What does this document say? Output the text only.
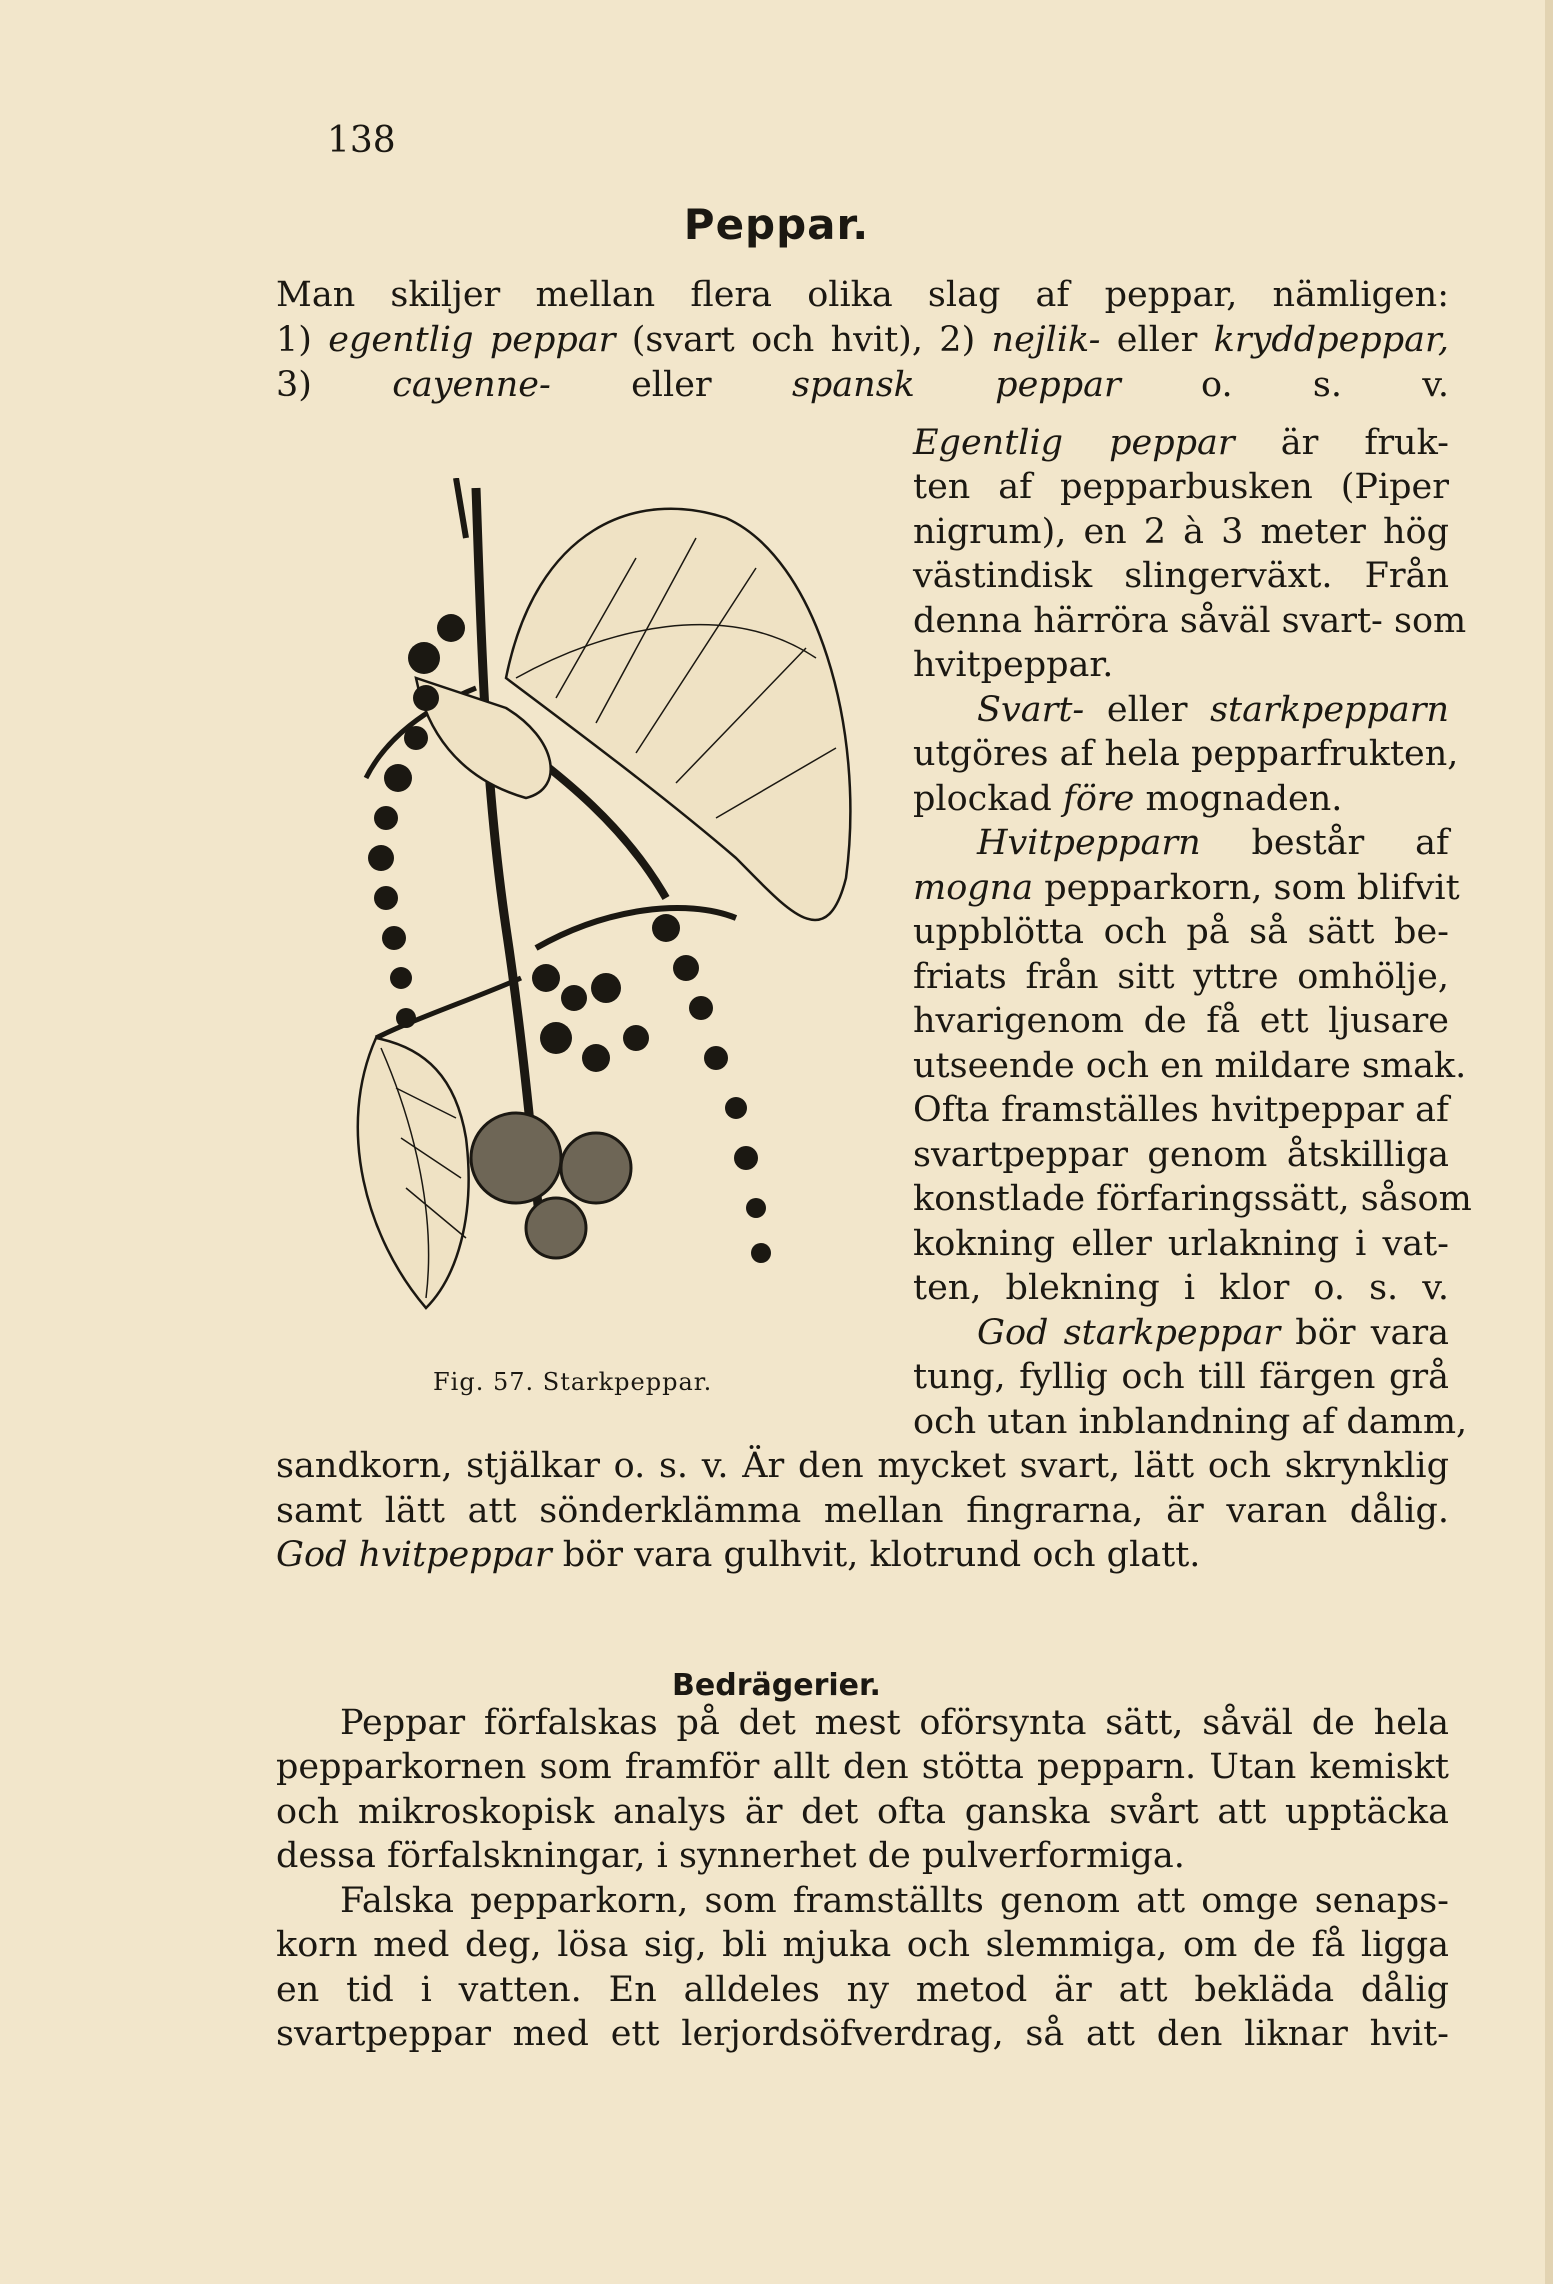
138
Peppar.
Man skiljer mellan flera olika slag af peppar, nämligen:
1) egentlig peppar (svart och hvit), 2) nejlik- eller kryddpeppar,
3) cayenne- eller spansk peppar o. s. v.
Egentlig peppar är fruk-
ten af pepparbusken (Piper
nigrum), en 2 à 3 meter hög
västindisk slingerväxt. Från
denna härröra såväl svart- som
hvitpeppar.
Svart- eller starkpepparn
utgöres af hela pepparfrukten,
plockad före mognaden.
Hvitpepparn består af
mogna pepparkorn, som blifvit
uppblötta och på så sätt be-
friats från sitt yttre omhölje,
hvarigenom de få ett ljusare
utseende och en mildare smak.
Ofta framställes hvitpeppar af
svartpeppar genom åtskilliga
konstlade förfaringssätt, såsom
kokning eller urlakning i vat-
ten, blekning i klor o. s. v.
God starkpeppar bör vara
tung, fyllig och till färgen grå
och utan inblandning af damm,
Fig. 57. Starkpeppar.
sandkorn, stjälkar o. s. v. Är den mycket svart, lätt och skrynklig
samt lätt att sönderklämma mellan fingrarna, är varan dålig.
God hvitpeppar bör vara gulhvit, klotrund och glatt.
Bedrägerier.
Peppar förfalskas på det mest oförsynta sätt, såväl de hela
pepparkornen som framför allt den stötta pepparn. Utan kemiskt
och mikroskopisk analys är det ofta ganska svårt att upptäcka
dessa förfalskningar, i synnerhet de pulverformiga.
Falska pepparkorn, som framställts genom att omge senaps-
korn med deg, lösa sig, bli mjuka och slemmiga, om de få ligga
en tid i vatten. En alldeles ny metod är att bekläda dålig
svartpeppar med ett lerjordsöfverdrag, så att den liknar hvit-
